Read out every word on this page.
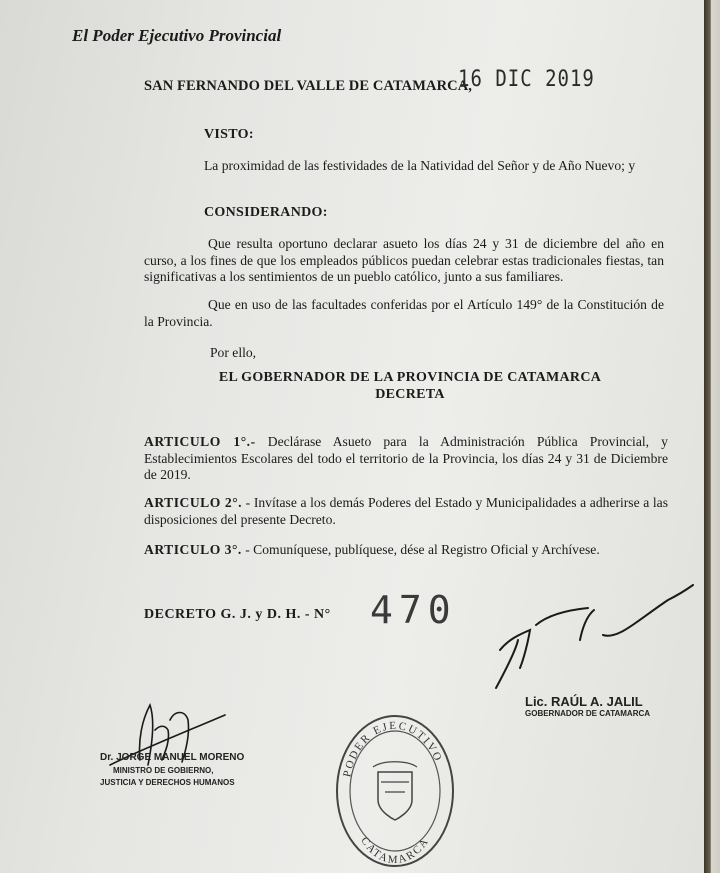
El Poder Ejecutivo Provincial

SAN FERNANDO DEL VALLE DE CATAMARCA,

16 DIC 2019

VISTO:

La proximidad de las festividades de la Natividad del Señor y de Año Nuevo; y

CONSIDERANDO:

Que resulta oportuno declarar asueto los días 24 y 31 de diciembre del año en curso, a los fines de que los empleados públicos puedan celebrar estas tradicionales fiestas, tan significativas a los sentimientos de un pueblo católico, junto a sus familiares.

Que en uso de las facultades conferidas por el Artículo 149° de la Constitución de la Provincia.

Por ello,

EL GOBERNADOR DE LA PROVINCIA DE CATAMARCA

DECRETA

ARTICULO 1°.- Declárase Asueto para la Administración Pública Provincial, y Establecimientos Escolares del todo el territorio de la Provincia, los días 24 y 31 de Diciembre de 2019.

ARTICULO 2°. - Invítase a los demás Poderes del Estado y Municipalidades a adherirse a las disposiciones del presente Decreto.

ARTICULO 3°. - Comuníquese, publíquese, dése al Registro Oficial y Archívese.

DECRETO G. J. y D. H. - N° 470

Lic. RAÚL A. JALIL

GOBERNADOR DE CATAMARCA

Dr. JORGE MANUEL MORENO

MINISTRO DE GOBIERNO,

JUSTICIA Y DERECHOS HUMANOS

PODER EJECUTIVO
CATAMARCA
